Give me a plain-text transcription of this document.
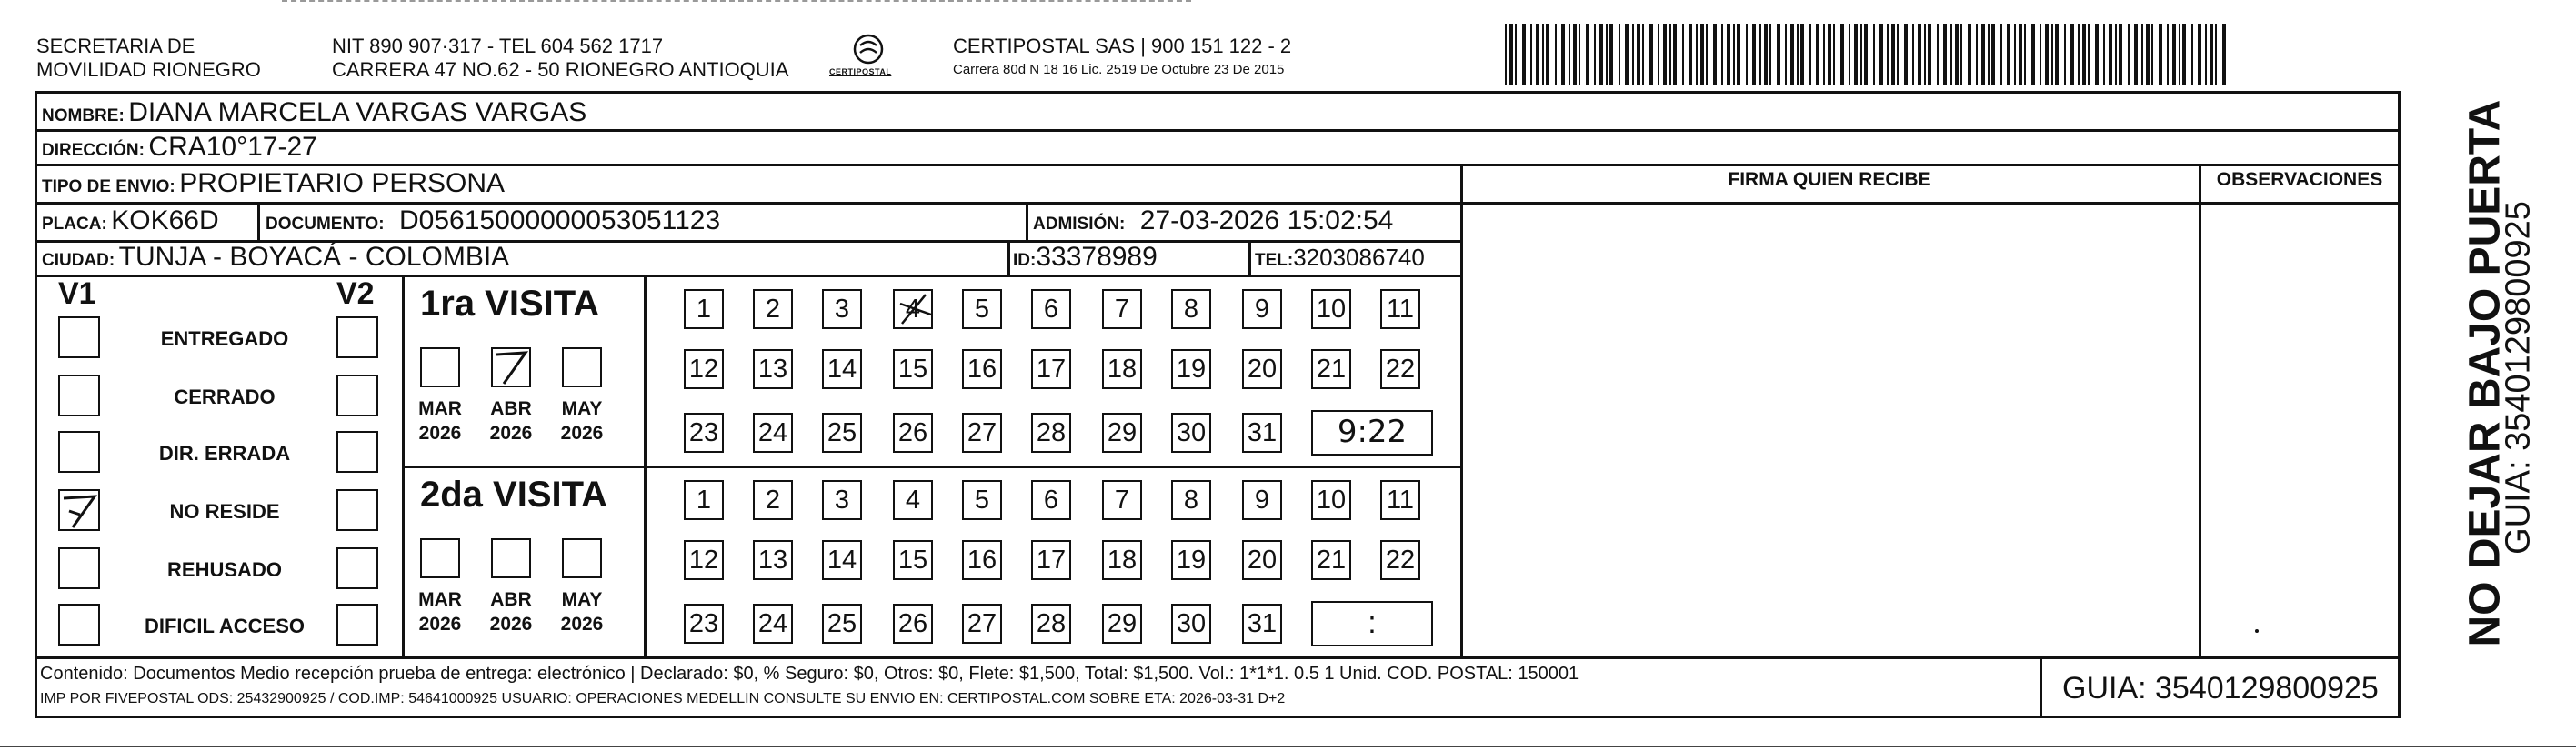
SECRETARIA DE
MOVILIDAD RIONEGRO
NIT 890 907·317 - TEL 604 562 1717
CARRERA 47 NO.62 - 50 RIONEGRO ANTIOQUIA	CERTIPOSTAL
CERTIPOSTAL SAS | 900 151 122 - 2
Carrera 80d N 18 16 Lic. 2519 De Octubre 23 De 2015
NOMBRE: DIANA MARCELA VARGAS VARGAS
DIRECCIÓN: CRA10°17-27
TIPO DE ENVIO: PROPIETARIO PERSONA
PLACA: KOK66D	DOCUMENTO: D05615000000053051123	ADMISIÓN: 27-03-2026 15:02:54
CIUDAD: TUNJA - BOYACÁ - COLOMBIA	ID:33378989	TEL:3203086740
FIRMA QUIEN RECIBE	OBSERVACIONES
V1	V2
ENTREGADO
CERRADO
DIR. ERRADA
NO RESIDE
REHUSADO
DIFICIL ACCESO
1ra VISITA
MAR
2026
ABR
2026
MAY
2026
1	2	3	4	5	6	7	8	9	10 11
12 13 14 15 16 17 18 19 20 21 22
23 24 25 26 27 28 29 30 31	9:22
2da VISITA
MAR
2026
ABR
2026
MAY
2026
1	2	3	4	5	6	7	8	9	10 11
12 13 14 15 16 17 18 19 20 21 22
23 24 25 26 27 28 29 30 31	:
Contenido: Documentos Medio recepción prueba de entrega: electrónico | Declarado: $0, % Seguro: $0, Otros: $0, Flete: $1,500, Total: $1,500. Vol.: 1*1*1. 0.5 1 Unid. COD. POSTAL: 150001
IMP POR FIVEPOSTAL ODS: 25432900925 / COD.IMP: 54641000925 USUARIO: OPERACIONES MEDELLIN CONSULTE SU ENVIO EN: CERTIPOSTAL.COM SOBRE ETA: 2026-03-31 D+2	GUIA: 3540129800925
NO DEJAR BAJO PUERTA
GUIA: 3540129800925
